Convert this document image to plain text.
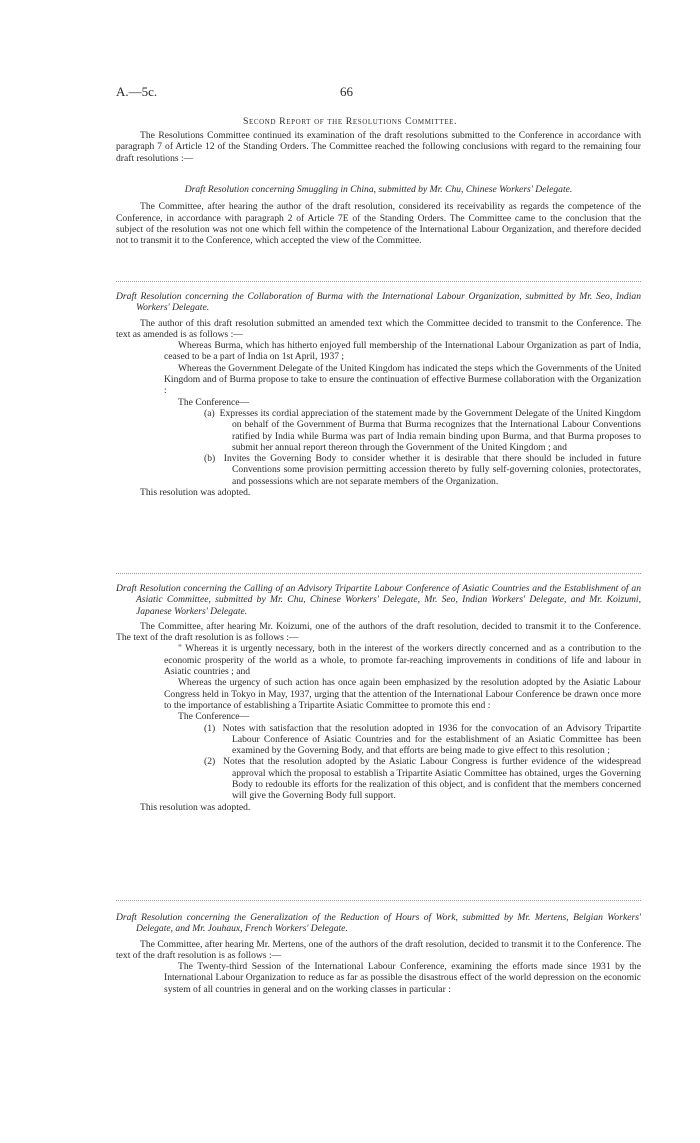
A.—5c.	66
Second Report of the Resolutions Committee.

The Resolutions Committee continued its examination of the draft resolutions submitted to the Conference in accordance with paragraph 7 of Article 12 of the Standing Orders. The Committee reached the following conclusions with regard to the remaining four draft resolutions :—

Draft Resolution concerning Smuggling in China, submitted by Mr. Chu, Chinese Workers' Delegate.

The Committee, after hearing the author of the draft resolution, considered its receivability as regards the competence of the Conference, in accordance with paragraph 2 of Article 7E of the Standing Orders. The Committee came to the conclusion that the subject of the resolution was not one which fell within the competence of the International Labour Organization, and therefore decided not to transmit it to the Conference, which accepted the view of the Committee.

Draft Resolution concerning the Collaboration of Burma with the International Labour Organization, submitted by Mr. Seo, Indian Workers' Delegate.

The author of this draft resolution submitted an amended text which the Committee decided to transmit to the Conference. The text as amended is as follows :—

Whereas Burma, which has hitherto enjoyed full membership of the International Labour Organization as part of India, ceased to be a part of India on 1st April, 1937 ;

Whereas the Government Delegate of the United Kingdom has indicated the steps which the Governments of the United Kingdom and of Burma propose to take to ensure the continuation of effective Burmese collaboration with the Organization :

The Conference—

(a) Expresses its cordial appreciation of the statement made by the Government Delegate of the United Kingdom on behalf of the Government of Burma that Burma recognizes that the International Labour Conventions ratified by India while Burma was part of India remain binding upon Burma, and that Burma proposes to submit her annual report thereon through the Government of the United Kingdom ; and

(b) Invites the Governing Body to consider whether it is desirable that there should be included in future Conventions some provision permitting accession thereto by fully self-governing colonies, protectorates, and possessions which are not separate members of the Organization.

This resolution was adopted.

Draft Resolution concerning the Calling of an Advisory Tripartite Labour Conference of Asiatic Countries and the Establishment of an Asiatic Committee, submitted by Mr. Chu, Chinese Workers' Delegate, Mr. Seo, Indian Workers' Delegate, and Mr. Koizumi, Japanese Workers' Delegate.

The Committee, after hearing Mr. Koizumi, one of the authors of the draft resolution, decided to transmit it to the Conference. The text of the draft resolution is as follows :—

" Whereas it is urgently necessary, both in the interest of the workers directly concerned and as a contribution to the economic prosperity of the world as a whole, to promote far-reaching improvements in conditions of life and labour in Asiatic countries ; and

Whereas the urgency of such action has once again been emphasized by the resolution adopted by the Asiatic Labour Congress held in Tokyo in May, 1937, urging that the attention of the International Labour Conference be drawn once more to the importance of establishing a Tripartite Asiatic Committee to promote this end :

The Conference—

(1) Notes with satisfaction that the resolution adopted in 1936 for the convocation of an Advisory Tripartite Labour Conference of Asiatic Countries and for the establishment of an Asiatic Committee has been examined by the Governing Body, and that efforts are being made to give effect to this resolution ;

(2) Notes that the resolution adopted by the Asiatic Labour Congress is further evidence of the widespread approval which the proposal to establish a Tripartite Asiatic Committee has obtained, urges the Governing Body to redouble its efforts for the realization of this object, and is confident that the members concerned will give the Governing Body full support.

This resolution was adopted.

Draft Resolution concerning the Generalization of the Reduction of Hours of Work, submitted by Mr. Mertens, Belgian Workers' Delegate, and Mr. Jouhaux, French Workers' Delegate.

The Committee, after hearing Mr. Mertens, one of the authors of the draft resolution, decided to transmit it to the Conference. The text of the draft resolution is as follows :—

The Twenty-third Session of the International Labour Conference, examining the efforts made since 1931 by the International Labour Organization to reduce as far as possible the disastrous effect of the world depression on the economic system of all countries in general and on the working classes in particular :
